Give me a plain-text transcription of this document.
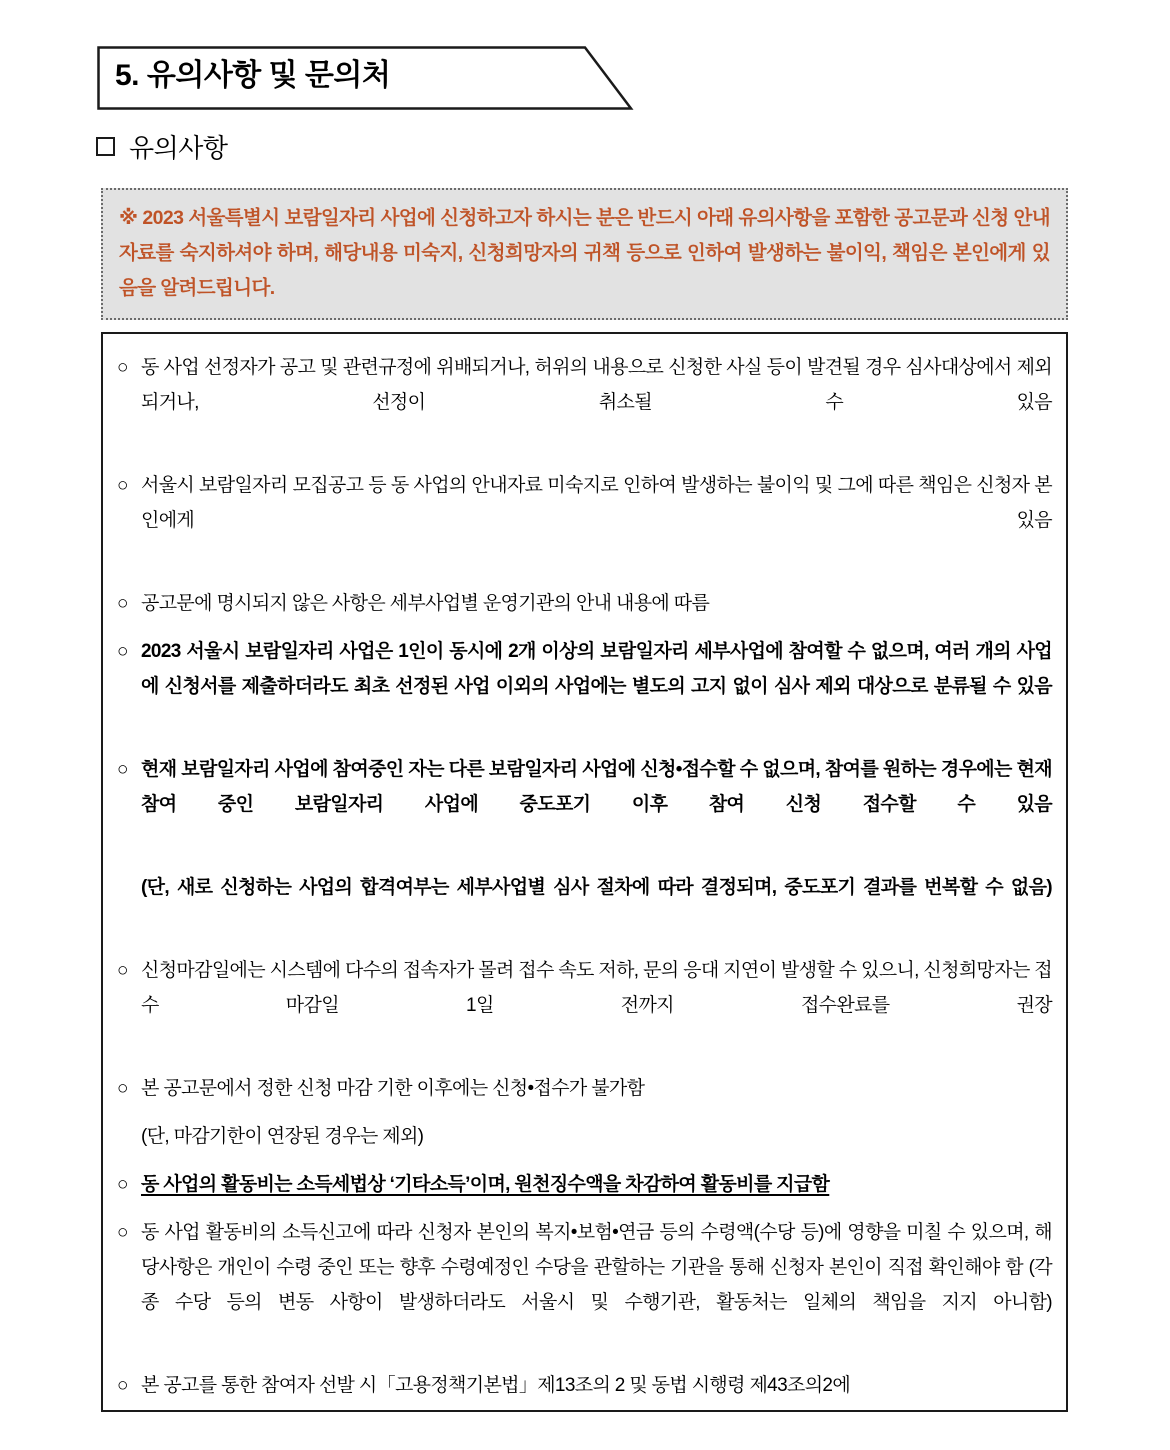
5. 유의사항 및 문의처
유의사항

※ 2023 서울특별시 보람일자리 사업에 신청하고자 하시는 분은 반드시 아래 유의사항을 포함한 공고문과 신청 안내자료를 숙지하셔야 하며, 해당내용 미숙지, 신청희망자의 귀책 등으로 인하여 발생하는 불이익, 책임은 본인에게 있음을 알려드립니다.

○ 동 사업 선정자가 공고 및 관련규정에 위배되거나, 허위의 내용으로 신청한 사실 등이 발견될 경우 심사대상에서 제외되거나, 선정이 취소될 수 있음
○ 서울시 보람일자리 모집공고 등 동 사업의 안내자료 미숙지로 인하여 발생하는 불이익 및 그에 따른 책임은 신청자 본인에게 있음
○ 공고문에 명시되지 않은 사항은 세부사업별 운영기관의 안내 내용에 따름
○ 2023 서울시 보람일자리 사업은 1인이 동시에 2개 이상의 보람일자리 세부사업에 참여할 수 없으며, 여러 개의 사업에 신청서를 제출하더라도 최초 선정된 사업 이외의 사업에는 별도의 고지 없이 심사 제외 대상으로 분류될 수 있음
○ 현재 보람일자리 사업에 참여중인 자는 다른 보람일자리 사업에 신청•접수할 수 없으며, 참여를 원하는 경우에는 현재 참여 중인 보람일자리 사업에 중도포기 이후 참여 신청 접수할 수 있음

(단, 새로 신청하는 사업의 합격여부는 세부사업별 심사 절차에 따라 결정되며, 중도포기 결과를 번복할 수 없음)

○ 신청마감일에는 시스템에 다수의 접속자가 몰려 접수 속도 저하, 문의 응대 지연이 발생할 수 있으니, 신청희망자는 접수 마감일 1일 전까지 접수완료를 권장
○ 본 공고문에서 정한 신청 마감 기한 이후에는 신청•접수가 불가함

(단, 마감기한이 연장된 경우는 제외)

○ 동 사업의 활동비는 소득세법상 ‘기타소득’이며, 원천징수액을 차감하여 활동비를 지급함
○ 동 사업 활동비의 소득신고에 따라 신청자 본인의 복지•보험•연금 등의 수령액(수당 등)에 영향을 미칠 수 있으며, 해당사항은 개인이 수령 중인 또는 향후 수령예정인 수당을 관할하는 기관을 통해 신청자 본인이 직접 확인해야 함 (각종 수당 등의 변동 사항이 발생하더라도 서울시 및 수행기관, 활동처는 일체의 책임을 지지 아니함)
○ 본 공고를 통한 참여자 선발 시「고용정책기본법」제13조의 2 및 동법 시행령 제43조의2에
